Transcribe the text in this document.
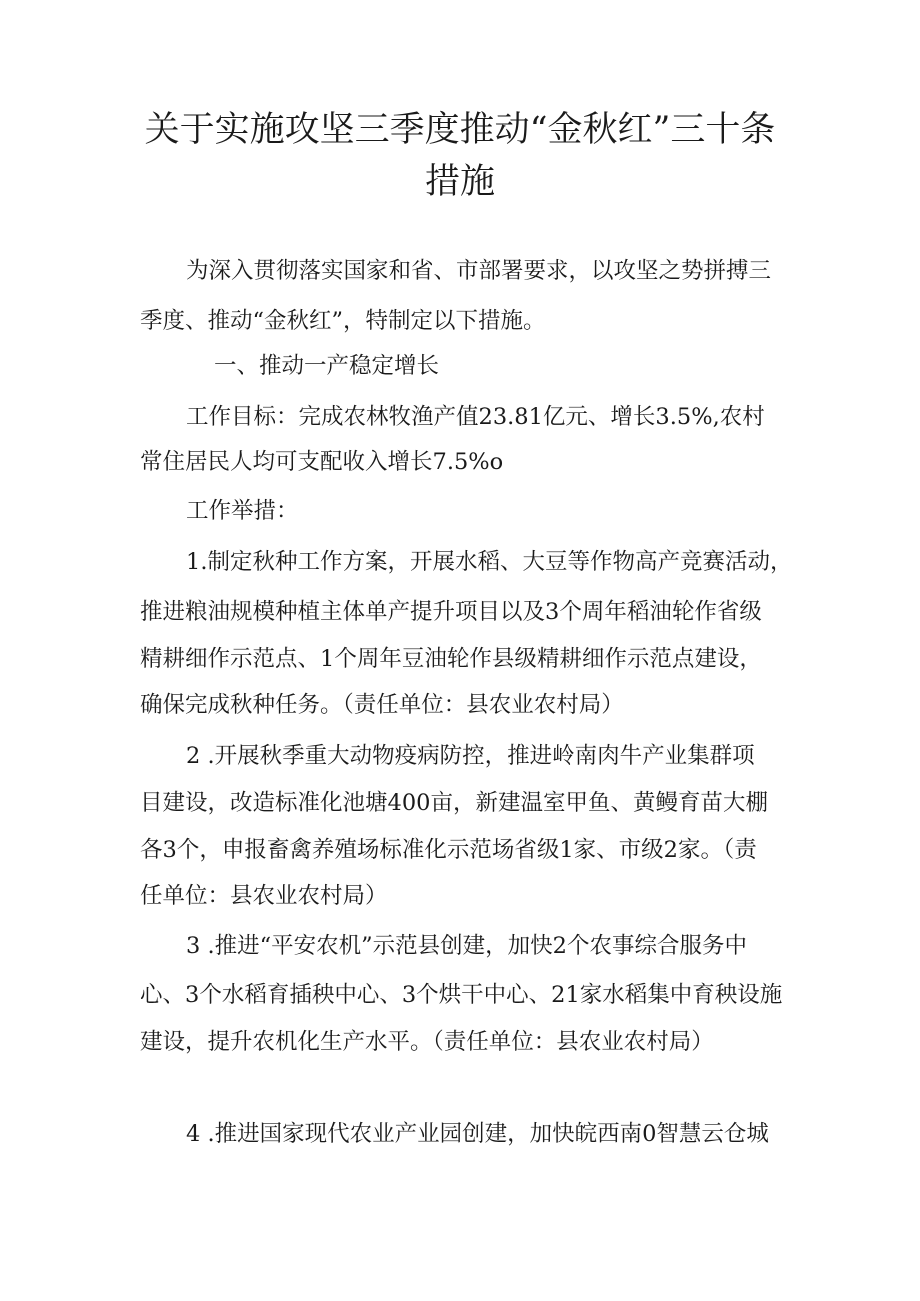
关于实施攻坚三季度推动“金秋红”三十条
措施

为深入贯彻落实国家和省、市部署要求，以攻坚之势拼搏三

季度、推动“金秋红”，特制定以下措施。

一、推动一产稳定增长

工作目标：完成农林牧渔产值23.81亿元、增长3.5%,农村

常住居民人均可支配收入增长7.5%o

工作举措：

1.制定秋种工作方案，开展水稻、大豆等作物高产竞赛活动，

推进粮油规模种植主体单产提升项目以及3个周年稻油轮作省级

精耕细作示范点、1个周年豆油轮作县级精耕细作示范点建设，

确保完成秋种任务。（责任单位：县农业农村局）

2 .开展秋季重大动物疫病防控，推进岭南肉牛产业集群项

目建设，改造标准化池塘400亩，新建温室甲鱼、黄鳗育苗大棚

各3个，申报畜禽养殖场标准化示范场省级1家、市级2家。（责

任单位：县农业农村局）

3 .推进“平安农机”示范县创建，加快2个农事综合服务中

心、3个水稻育插秧中心、3个烘干中心、21家水稻集中育秧设施

建设，提升农机化生产水平。（责任单位：县农业农村局）

4 .推进国家现代农业产业园创建，加快皖西南0智慧云仓城
